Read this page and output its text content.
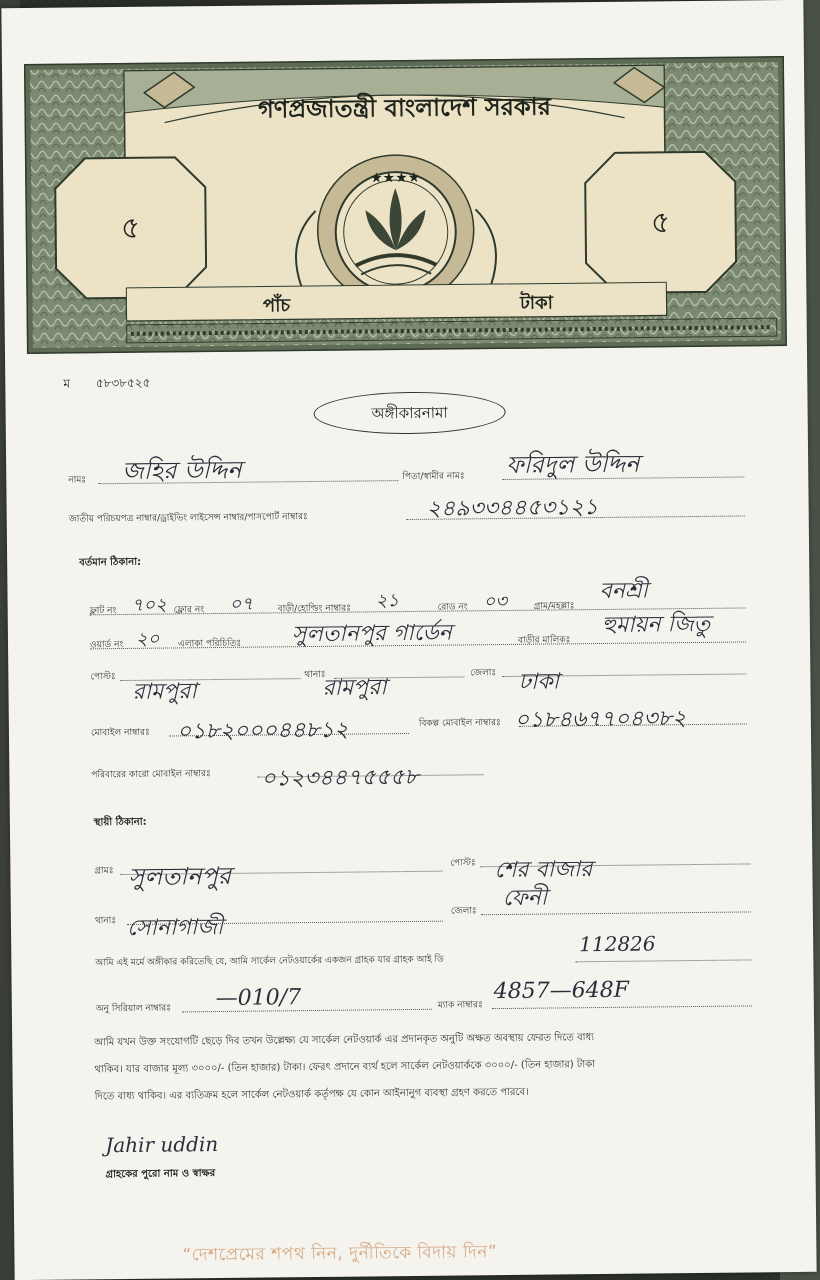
গণপ্রজাতন্ত্রী বাংলাদেশ সরকার
৫	৫
★★★★
পাঁচ	টাকা
ম ৫৮৩৮৫২৫
অঙ্গীকারনামা
নামঃ জহির উদ্দিন	পিতা/স্বামীর নামঃ ফরিদুল উদ্দিন
জাতীয় পরিচয়পত্র নাম্বার/ড্রাইভিং লাইসেন্স নাম্বার/পাসপোর্ট নাম্বারঃ	২৪৯৩৩৪৪৫৩১২১
বর্তমান ঠিকানা:
ফ্লাট নং ৭০২ ফ্লোর নং ০৭	বাড়ী/হোল্ডিং নাম্বারঃ ২১	রোড নং ০৩	গ্রাম/মহল্লাঃ
বনশ্রী
ওয়ার্ড নং ২০ এলাকা পরিচিতিঃ সুলতানপুর গার্ডেন	বাড়ীর মালিকঃ
হুমায়ন জিতু
পোস্টঃ
রামপুরা
থানাঃ
রামপুরা
জেলাঃ ঢাকা
মোবাইল নাম্বারঃ ০১৮২০০০৪৪৮১২	বিকল্প মোবাইল নাম্বারঃ ০১৮৪৬৭৭০৪৩৮২
পরিবারের কারো মোবাইল নাম্বারঃ ০১২৩৪৪৭৫৫৫৮
স্থায়ী ঠিকানা:
গ্রামঃ সুলতানপুর	পোস্টঃ শের বাজার
থানাঃ সোনাগাজী
জেলাঃ
ফেনী
আমি এই মর্মে অঙ্গীকার করিতেছি যে, আমি সার্কেল নেটওয়ার্কের একজন গ্রাহক যার গ্রাহক আই ডি
112826
অনু সিরিয়াল নাম্বারঃ —010/7	ম্যাক নাম্বারঃ
4857—648F
আমি যখন উক্ত সংযোগটি ছেড়ে দিব তখন উল্লেক্ষ্য যে সার্কেল নেটওয়ার্ক এর প্রদানকৃত অনুটি অক্ষত অবস্থায় ফেরত দিতে বাধ্য
থাকিব। যার বাজার মূল্য ৩০০০/- (তিন হাজার) টাকা। ফেরৎ প্রদানে ব্যর্থ হলে সার্কেল নেটওয়ার্ককে ৩০০০/- (তিন হাজার) টাকা
দিতে বাধ্য থাকিব। এর ব্যতিক্রম হলে সার্কেল নেটওয়ার্ক কর্তৃপক্ষ যে কোন আইনানুগ ব্যবস্থা গ্রহণ করতে পারবে।
Jahir uddin
গ্রাহকের পুরো নাম ও স্বাক্ষর
“দেশপ্রেমের শপথ নিন, দুর্নীতিকে বিদায় দিন”
